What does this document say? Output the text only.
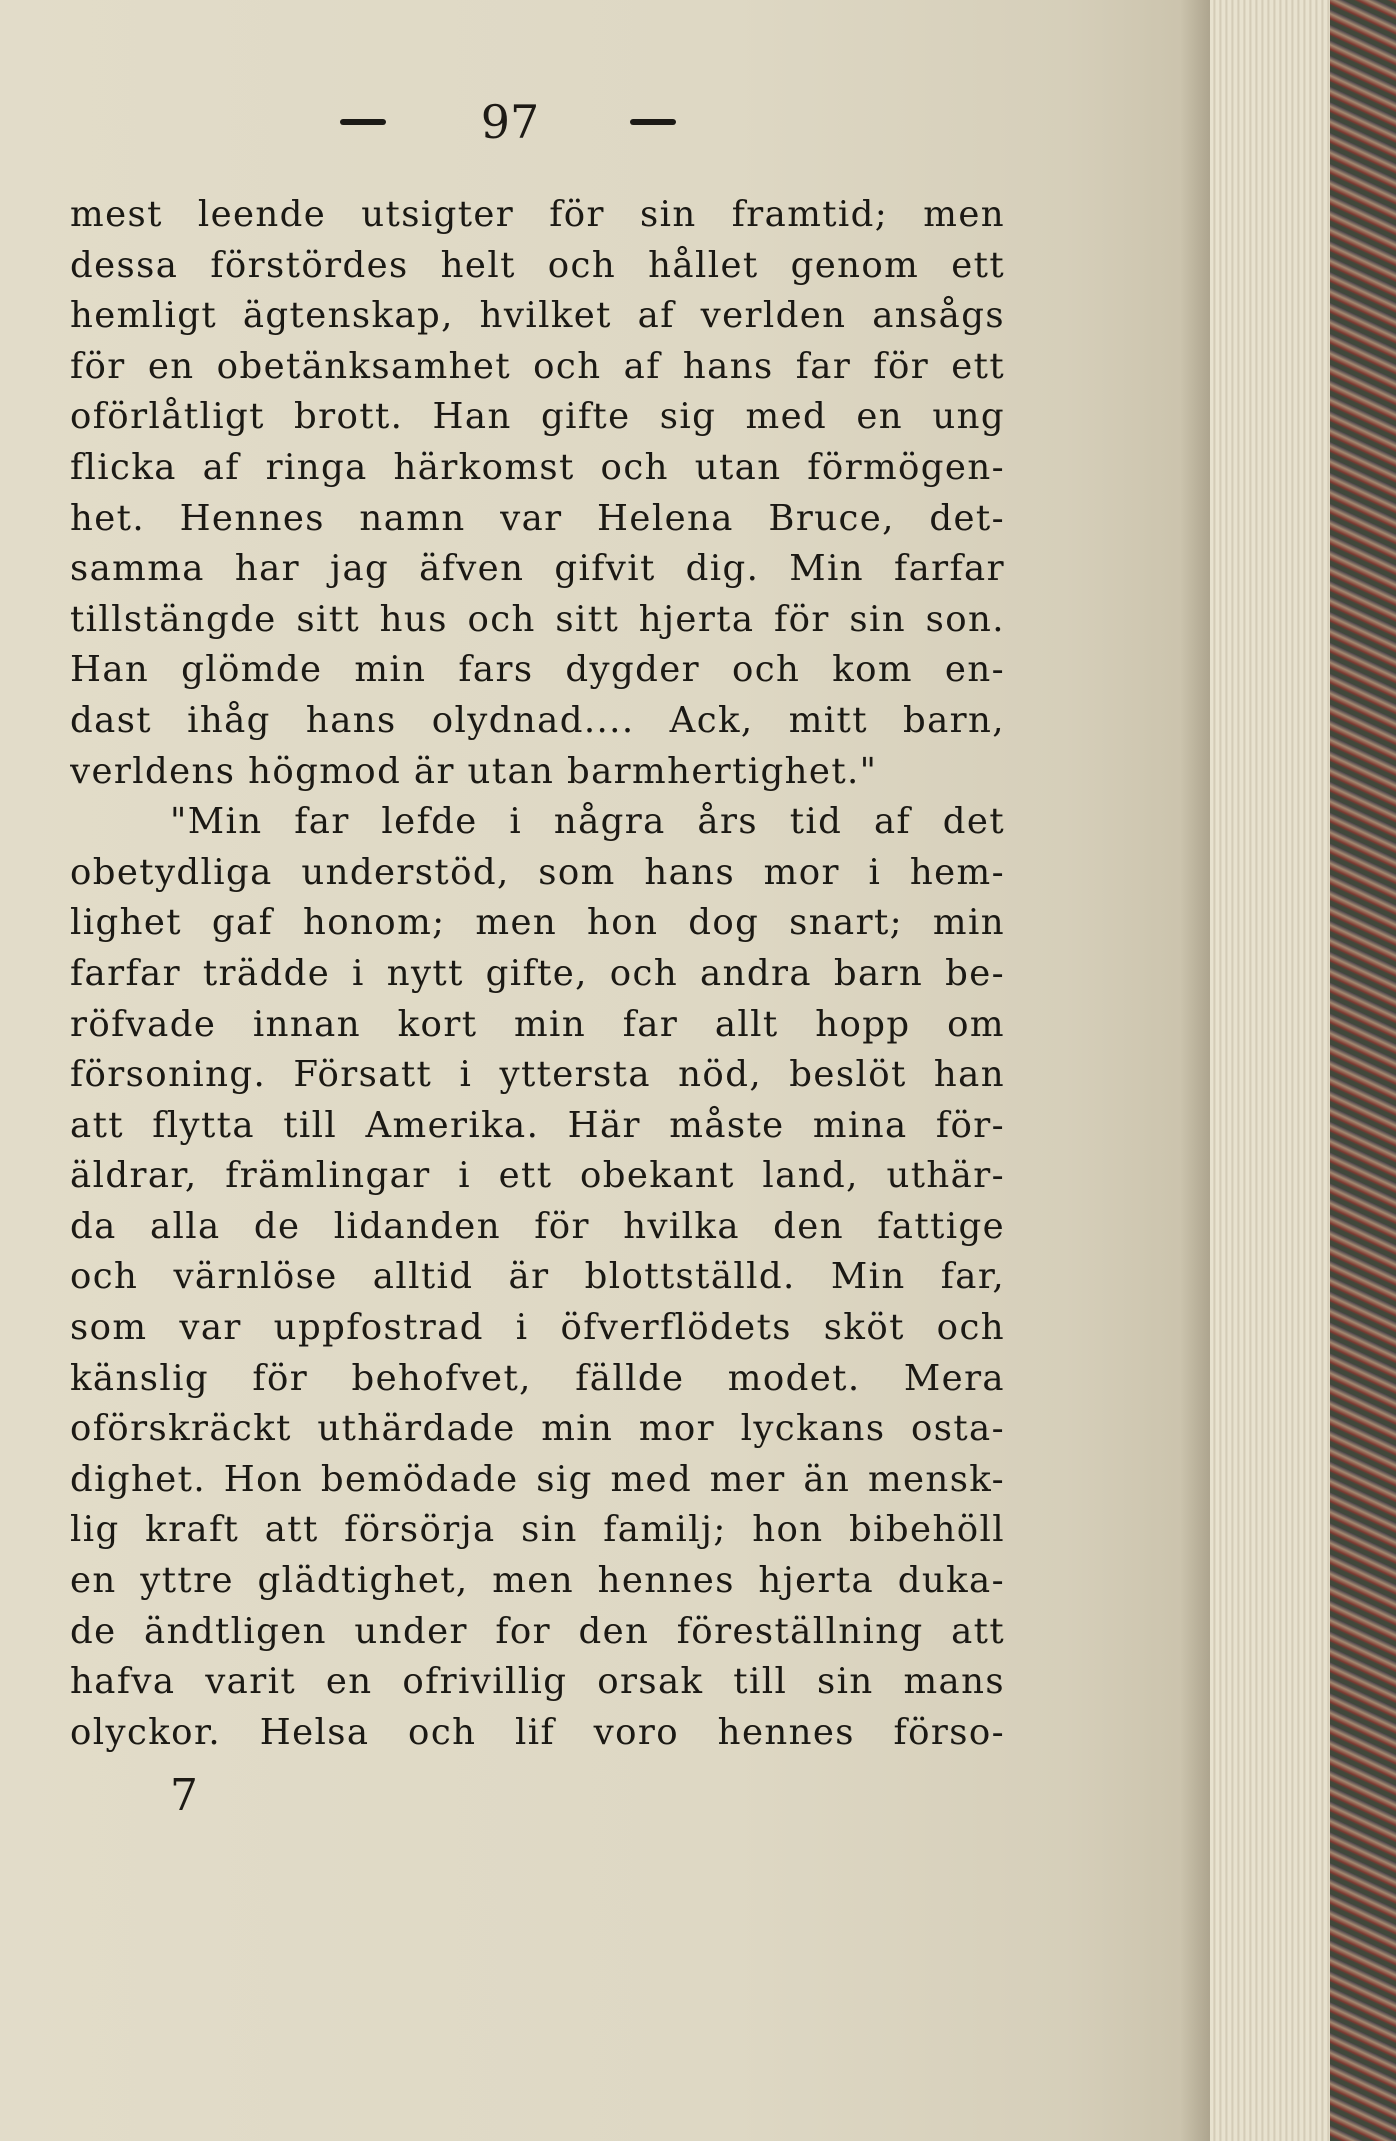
97
mest leende utsigter för sin framtid; men
dessa förstördes helt och hållet genom ett
hemligt ägtenskap, hvilket af verlden ansågs
för en obetänksamhet och af hans far för ett
oförlåtligt brott. Han gifte sig med en ung
flicka af ringa härkomst och utan förmögen-
het. Hennes namn var Helena Bruce, det-
samma har jag äfven gifvit dig. Min farfar
tillstängde sitt hus och sitt hjerta för sin son.
Han glömde min fars dygder och kom en-
dast ihåg hans olydnad.... Ack, mitt barn,
verldens högmod är utan barmhertighet."
"Min far lefde i några års tid af det
obetydliga understöd, som hans mor i hem-
lighet gaf honom; men hon dog snart; min
farfar trädde i nytt gifte, och andra barn be-
röfvade innan kort min far allt hopp om
försoning. Försatt i yttersta nöd, beslöt han
att flytta till Amerika. Här måste mina för-
äldrar, främlingar i ett obekant land, uthär-
da alla de lidanden för hvilka den fattige
och värnlöse alltid är blottställd. Min far,
som var uppfostrad i öfverflödets sköt och
känslig för behofvet, fällde modet. Mera
oförskräckt uthärdade min mor lyckans osta-
dighet. Hon bemödade sig med mer än mensk-
lig kraft att försörja sin familj; hon bibehöll
en yttre glädtighet, men hennes hjerta duka-
de ändtligen under for den föreställning att
hafva varit en ofrivillig orsak till sin mans
olyckor. Helsa och lif voro hennes förso-
7
